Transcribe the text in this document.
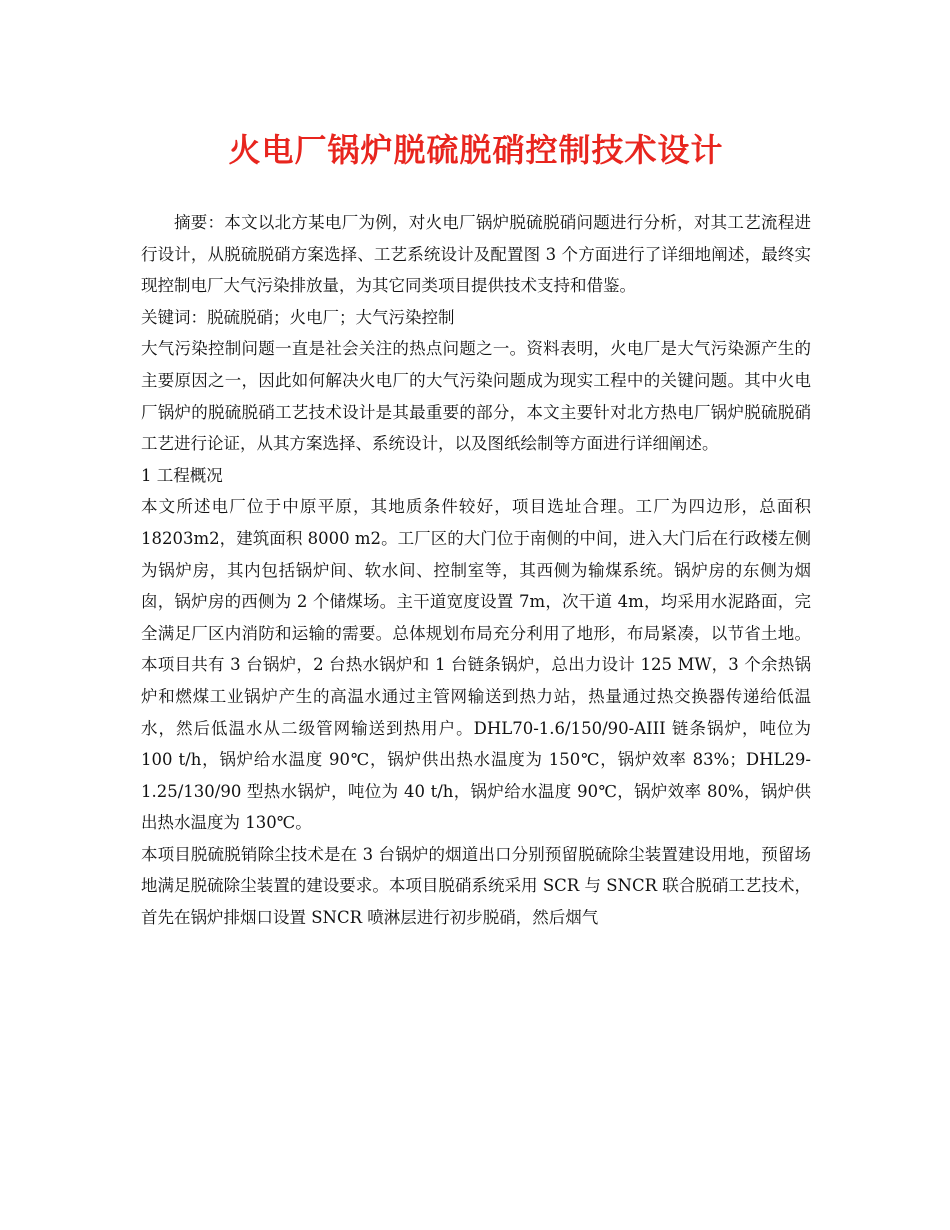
火电厂锅炉脱硫脱硝控制技术设计

摘要：本文以北方某电厂为例，对火电厂锅炉脱硫脱硝问题进行分析，对其工艺流程进行设计，从脱硫脱硝方案选择、工艺系统设计及配置图 3 个方面进行了详细地阐述，最终实现控制电厂大气污染排放量，为其它同类项目提供技术支持和借鉴。

关键词：脱硫脱硝；火电厂；大气污染控制

大气污染控制问题一直是社会关注的热点问题之一。资料表明，火电厂是大气污染源产生的主要原因之一，因此如何解决火电厂的大气污染问题成为现实工程中的关键问题。其中火电厂锅炉的脱硫脱硝工艺技术设计是其最重要的部分，本文主要针对北方热电厂锅炉脱硫脱硝工艺进行论证，从其方案选择、系统设计，以及图纸绘制等方面进行详细阐述。

1 工程概况

本文所述电厂位于中原平原，其地质条件较好，项目选址合理。工厂为四边形，总面积 18203m2，建筑面积 8000 m2。工厂区的大门位于南侧的中间，进入大门后在行政楼左侧为锅炉房，其内包括锅炉间、软水间、控制室等，其西侧为输煤系统。锅炉房的东侧为烟囱，锅炉房的西侧为 2 个储煤场。主干道宽度设置 7m，次干道 4m，均采用水泥路面，完全满足厂区内消防和运输的需要。总体规划布局充分利用了地形，布局紧凑，以节省土地。本项目共有 3 台锅炉，2 台热水锅炉和 1 台链条锅炉，总出力设计 125 MW，3 个余热锅炉和燃煤工业锅炉产生的高温水通过主管网输送到热力站，热量通过热交换器传递给低温水，然后低温水从二级管网输送到热用户。DHL70-1.6/150/90-AIII 链条锅炉，吨位为 100 t/h，锅炉给水温度 90℃，锅炉供出热水温度为 150℃，锅炉效率 83%；DHL29-1.25/130/90 型热水锅炉，吨位为 40 t/h，锅炉给水温度 90℃，锅炉效率 80%，锅炉供出热水温度为 130℃。

本项目脱硫脱销除尘技术是在 3 台锅炉的烟道出口分别预留脱硫除尘装置建设用地，预留场地满足脱硫除尘装置的建设要求。本项目脱硝系统采用 SCR 与 SNCR 联合脱硝工艺技术，首先在锅炉排烟口设置 SNCR 喷淋层进行初步脱硝，然后烟气
